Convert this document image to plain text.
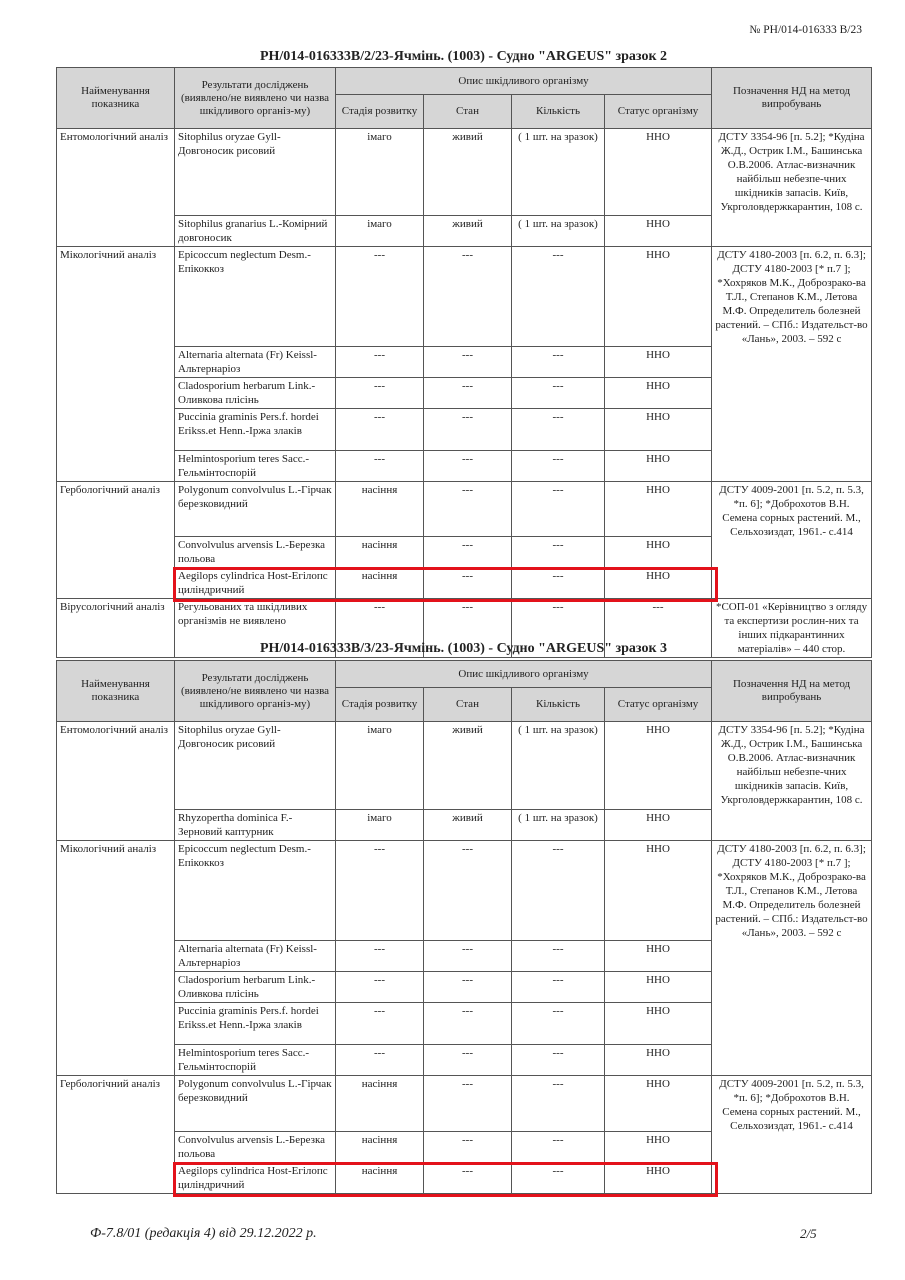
№ РН/014-016333 В/23
Ф-7.8/01 (редакція 4) від 29.12.2022 р.	2/5
РН/014-016333В/2/23-Ячмінь. (1003) - Судно "ARGEUS" зразок 2
Найменування показника	Результати досліджень (виявлено/не виявлено чи назва шкідливого організ-му)	Опис шкідливого організму				Позначення НД на метод випробувань
		Стадія розвитку	Стан	Кількість	Статус організму	
Ентомологічний аналіз	Sitophilus oryzae Gyll-Довгоносик рисовий	імаго	живий	( 1 шт. на зразок)	ННО	ДСТУ 3354-96 [п. 5.2]; *Кудіна Ж.Д., Острик І.М., Башинська О.В.2006. Атлас-визначник найбільш небезпе-чних шкідників запасів. Київ, Укрголовдержкарантин, 108 с.
	Sitophilus granarius L.-Комірний довгоносик	імаго	живий	( 1 шт. на зразок)	ННО	
Мікологічний аналіз	Epicoccum neglectum Desm.-Епікоккоз	---	---	---	ННО	ДСТУ 4180-2003 [п. 6.2, п. 6.3]; ДСТУ 4180-2003 [* п.7 ]; *Хохряков М.К., Доброзрако-ва Т.Л., Степанов К.М., Летова М.Ф. Определитель болезней растений. – СПб.: Издательст-во «Лань», 2003. – 592 с
	Alternaria alternata (Fr) Keissl-Альтернаріоз	---	---	---	ННО	
	Cladosporium herbarum Link.-Оливкова плісінь	---	---	---	ННО	
	Puccinia graminis Pers.f. hordei Erikss.et Henn.-Іржа злаків	---	---	---	ННО	
	Helmintosporium teres Sacc.-Гельмінтоспорій	---	---	---	ННО	
Гербологічний аналіз	Polygonum convolvulus L.-Гірчак березковидний	насіння	---	---	ННО	ДСТУ 4009-2001 [п. 5.2, п. 5.3, *п. 6]; *Доброхотов В.Н. Семена сорных растений. М., Сельхозиздат, 1961.- с.414
	Convolvulus arvensis L.-Березка польова	насіння	---	---	ННО	
	Aegilops cylindrica Host-Егілопс циліндричний	насіння	---	---	ННО	
Вірусологічний аналіз	Регульованих та шкідливих організмів не виявлено	---	---	---	---	*СОП-01 «Керівництво з огляду та експертизи рослин-них та інших підкарантинних матеріалів» – 440 стор.
РН/014-016333В/3/23-Ячмінь. (1003) - Судно "ARGEUS" зразок 3
Найменування показника	Результати досліджень (виявлено/не виявлено чи назва шкідливого організ-му)	Опис шкідливого організму				Позначення НД на метод випробувань
		Стадія розвитку	Стан	Кількість	Статус організму	
Ентомологічний аналіз	Sitophilus oryzae Gyll-Довгоносик рисовий	імаго	живий	( 1 шт. на зразок)	ННО	ДСТУ 3354-96 [п. 5.2]; *Кудіна Ж.Д., Острик І.М., Башинська О.В.2006. Атлас-визначник найбільш небезпе-чних шкідників запасів. Київ, Укрголовдержкарантин, 108 с.
	Rhyzopertha dominica F.-Зерновий каптурник	імаго	живий	( 1 шт. на зразок)	ННО	
Мікологічний аналіз	Epicoccum neglectum Desm.-Епікоккоз	---	---	---	ННО	ДСТУ 4180-2003 [п. 6.2, п. 6.3]; ДСТУ 4180-2003 [* п.7 ]; *Хохряков М.К., Доброзрако-ва Т.Л., Степанов К.М., Летова М.Ф. Определитель болезней растений. – СПб.: Издательст-во «Лань», 2003. – 592 с
	Alternaria alternata (Fr) Keissl-Альтернаріоз	---	---	---	ННО	
	Cladosporium herbarum Link.-Оливкова плісінь	---	---	---	ННО	
	Puccinia graminis Pers.f. hordei Erikss.et Henn.-Іржа злаків	---	---	---	ННО	
	Helmintosporium teres Sacc.-Гельмінтоспорій	---	---	---	ННО	
Гербологічний аналіз	Polygonum convolvulus L.-Гірчак березковидний	насіння	---	---	ННО	ДСТУ 4009-2001 [п. 5.2, п. 5.3, *п. 6]; *Доброхотов В.Н. Семена сорных растений. М., Сельхозиздат, 1961.- с.414
	Convolvulus arvensis L.-Березка польова	насіння	---	---	ННО	
	Aegilops cylindrica Host-Егілопс циліндричний	насіння	---	---	ННО	
